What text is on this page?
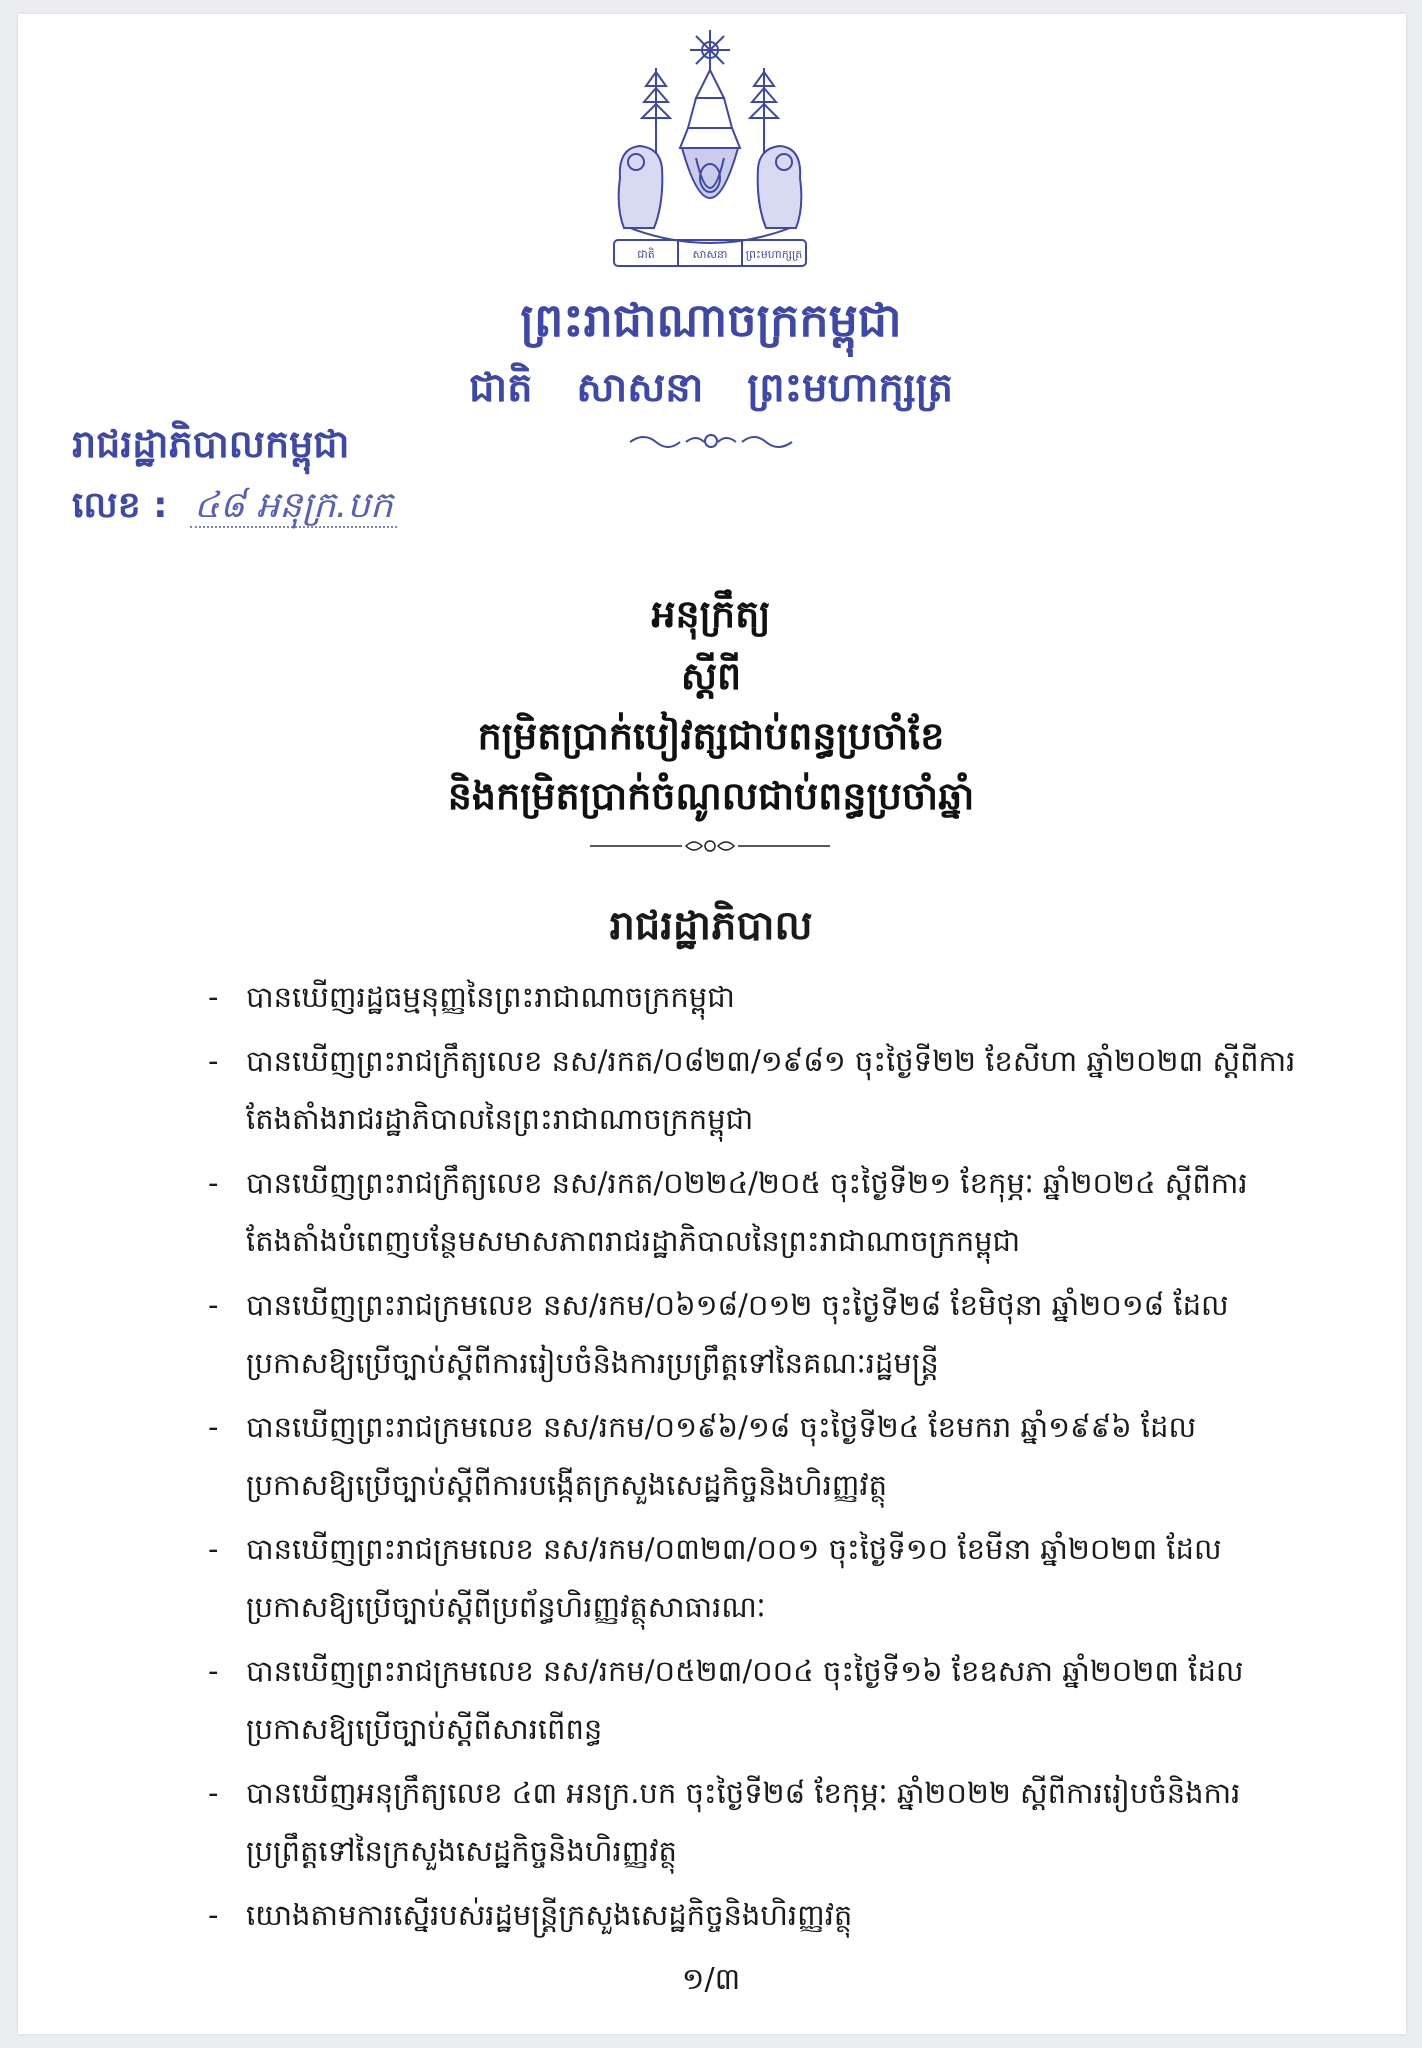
ជាតិ	សាសនា ព្រះមហាក្សត្រ
ព្រះរាជាណាចក្រកម្ពុជា
ជាតិ សាសនា ព្រះមហាក្សត្រ
រាជរដ្ឋាភិបាលកម្ពុជា
លេខ : ៤៨ អនុក្រ.បក
អនុក្រឹត្យ
ស្តីពី
កម្រិតប្រាក់បៀវត្សជាប់ពន្ធប្រចាំខែ
និងកម្រិតប្រាក់ចំណូលជាប់ពន្ធប្រចាំឆ្នាំ
រាជរដ្ឋាភិបាល
- បានឃើញរដ្ឋធម្មនុញ្ញនៃព្រះរាជាណាចក្រកម្ពុជា
- បានឃើញព្រះរាជក្រឹត្យលេខ នស/រកត/០៨២៣/១៩៨១ ចុះថ្ងៃទី២២ ខែសីហា ឆ្នាំ២០២៣ ស្តីពីការតែងតាំងរាជរដ្ឋាភិបាលនៃព្រះរាជាណាចក្រកម្ពុជា
- បានឃើញព្រះរាជក្រឹត្យលេខ នស/រកត/០២២៤/២០៥ ចុះថ្ងៃទី២១ ខែកុម្ភៈ ឆ្នាំ២០២៤ ស្តីពីការតែងតាំងបំពេញបន្ថែមសមាសភាពរាជរដ្ឋាភិបាលនៃព្រះរាជាណាចក្រកម្ពុជា
- បានឃើញព្រះរាជក្រមលេខ នស/រកម/០៦១៨/០១២ ចុះថ្ងៃទី២៨ ខែមិថុនា ឆ្នាំ២០១៨ ដែលប្រកាសឱ្យប្រើច្បាប់ស្តីពីការរៀបចំនិងការប្រព្រឹត្តទៅនៃគណៈរដ្ឋមន្ត្រី
- បានឃើញព្រះរាជក្រមលេខ នស/រកម/០១៩៦/១៨ ចុះថ្ងៃទី២៤ ខែមករា ឆ្នាំ១៩៩៦ ដែលប្រកាសឱ្យប្រើច្បាប់ស្តីពីការបង្កើតក្រសួងសេដ្ឋកិច្ចនិងហិរញ្ញវត្ថុ
- បានឃើញព្រះរាជក្រមលេខ នស/រកម/០៣២៣/០០១ ចុះថ្ងៃទី១០ ខែមីនា ឆ្នាំ២០២៣ ដែលប្រកាសឱ្យប្រើច្បាប់ស្តីពីប្រព័ន្ធហិរញ្ញវត្ថុសាធារណៈ
- បានឃើញព្រះរាជក្រមលេខ នស/រកម/០៥២៣/០០៤ ចុះថ្ងៃទី១៦ ខែឧសភា ឆ្នាំ២០២៣ ដែលប្រកាសឱ្យប្រើច្បាប់ស្តីពីសារពើពន្ធ
- បានឃើញអនុក្រឹត្យលេខ ៤៣ អនក្រ.បក ចុះថ្ងៃទី២៨ ខែកុម្ភៈ ឆ្នាំ២០២២ ស្តីពីការរៀបចំនិងការប្រព្រឹត្តទៅនៃក្រសួងសេដ្ឋកិច្ចនិងហិរញ្ញវត្ថុ
- យោងតាមការស្នើរបស់រដ្ឋមន្ត្រីក្រសួងសេដ្ឋកិច្ចនិងហិរញ្ញវត្ថុ
១/៣
